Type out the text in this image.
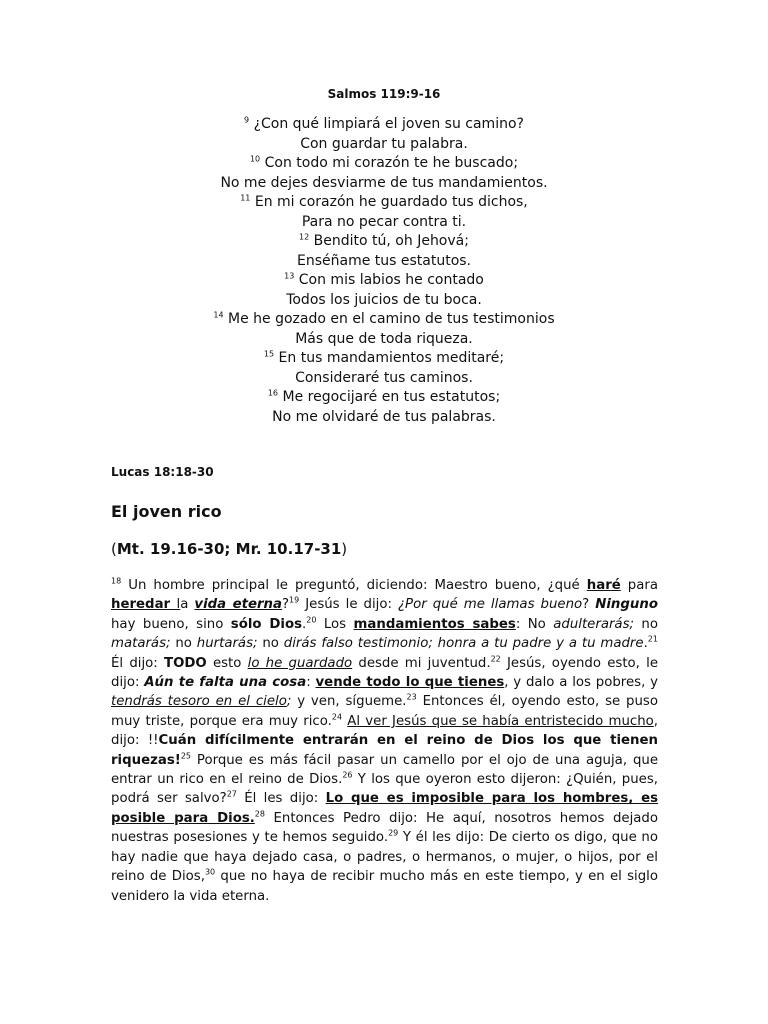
Salmos 119:9-16
$^9$ ¿Con qué limpiará el joven su camino?
Con guardar tu palabra.
$^{10}$ Con todo mi corazón te he buscado;
No me dejes desviarme de tus mandamientos.
$^{11}$ En mi corazón he guardado tus dichos,
Para no pecar contra ti.
$^{12}$ Bendito tú, oh Jehová;
Enséñame tus estatutos.
$^{13}$ Con mis labios he contado
Todos los juicios de tu boca.
$^{14}$ Me he gozado en el camino de tus testimonios
Más que de toda riqueza.
$^{15}$ En tus mandamientos meditaré;
Consideraré tus caminos.
$^{16}$ Me regocijaré en tus estatutos;
No me olvidaré de tus palabras.
Lucas 18:18-30
El joven rico
(Mt. 19.16-30; Mr. 10.17-31)
$^{18}$ Un hombre principal le preguntó, diciendo: Maestro bueno, ¿qué haré para heredar la vida eterna?$^{19}$ Jesús le dijo: ¿Por qué me llamas bueno? Ninguno hay bueno, sino sólo Dios.$^{20}$ Los mandamientos sabes: No adulterarás; no matarás; no hurtarás; no dirás falso testimonio; honra a tu padre y a tu madre.$^{21}$ Él dijo: TODO esto lo he guardado desde mi juventud.$^{22}$ Jesús, oyendo esto, le dijo: Aún te falta una cosa: vende todo lo que tienes, y dalo a los pobres, y tendrás tesoro en el cielo; y ven, sígueme.$^{23}$ Entonces él, oyendo esto, se puso muy triste, porque era muy rico.$^{24}$ Al ver Jesús que se había entristecido mucho, dijo: !!Cuán difícilmente entrarán en el reino de Dios los que tienen riquezas!$^{25}$ Porque es más fácil pasar un camello por el ojo de una aguja, que entrar un rico en el reino de Dios.$^{26}$ Y los que oyeron esto dijeron: ¿Quién, pues, podrá ser salvo?$^{27}$ Él les dijo: Lo que es imposible para los hombres, es posible para Dios.$^{28}$ Entonces Pedro dijo: He aquí, nosotros hemos dejado nuestras posesiones y te hemos seguido.$^{29}$ Y él les dijo: De cierto os digo, que no hay nadie que haya dejado casa, o padres, o hermanos, o mujer, o hijos, por el reino de Dios,$^{30}$ que no haya de recibir mucho más en este tiempo, y en el siglo venidero la vida eterna.
